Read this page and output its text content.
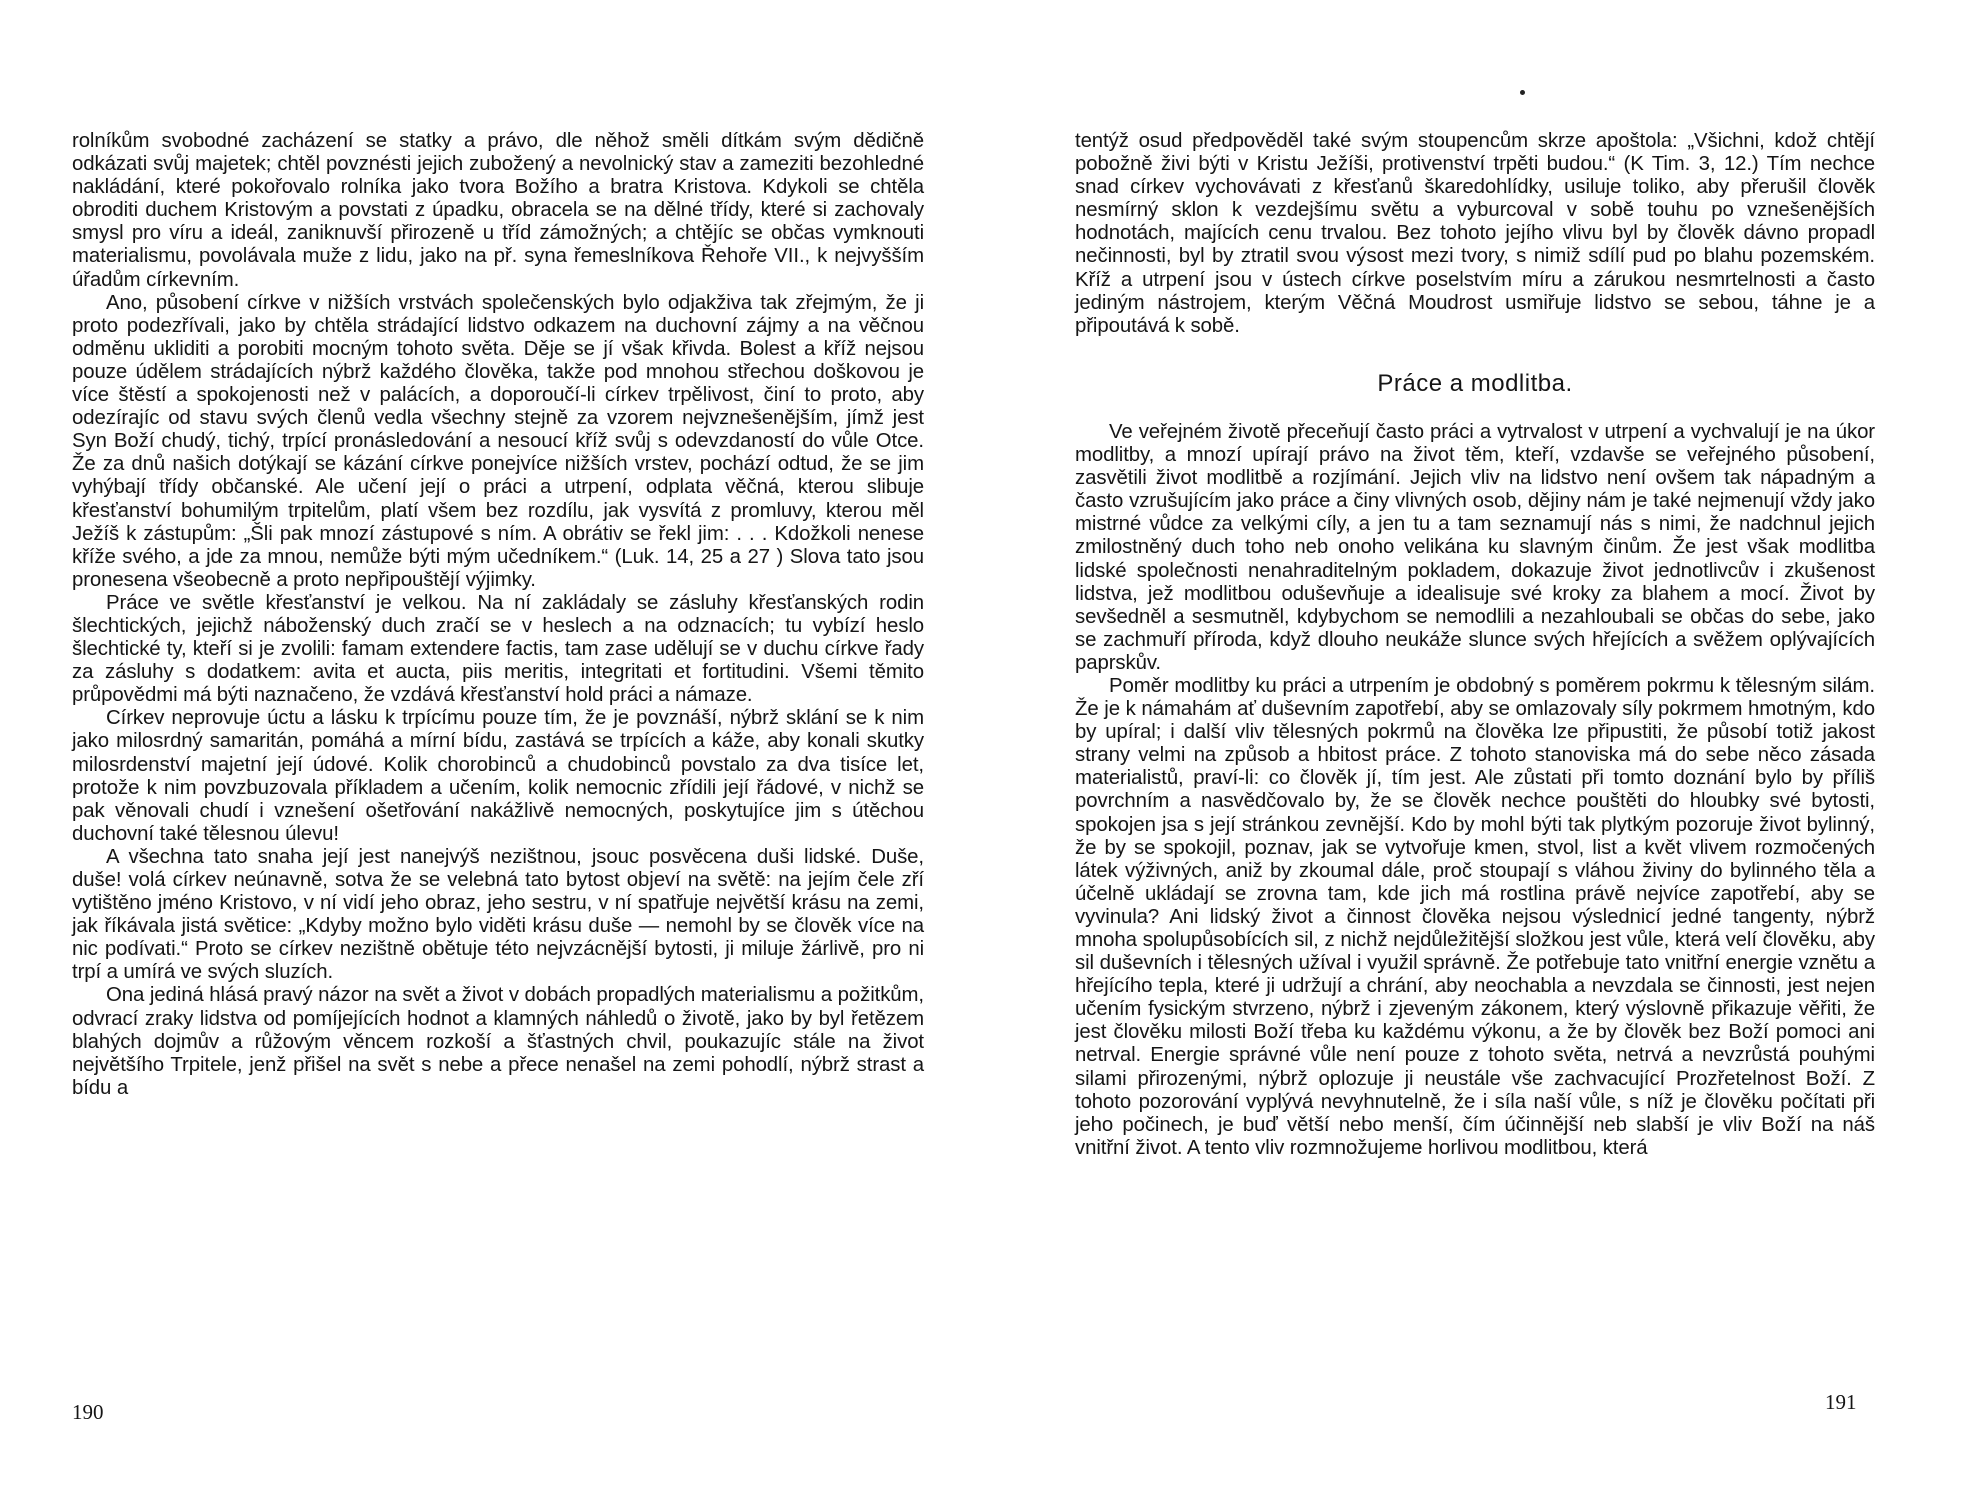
rolníkům svobodné zacházení se statky a právo, dle něhož směli dítkám svým dědičně odkázati svůj majetek; chtěl povznésti jejich zubožený a nevolnický stav a zameziti bezohledné nakládání, které pokořovalo rolníka jako tvora Božího a bratra Kristova. Kdykoli se chtěla obroditi duchem Kristovým a povstati z úpadku, obracela se na dělné třídy, které si zachovaly smysl pro víru a ideál, zaniknuvší přirozeně u tříd zámožných; a chtějíc se občas vymknouti materialismu, povolávala muže z lidu, jako na př. syna řemeslníkova Řehoře VII., k nejvyšším úřadům církevním.

Ano, působení církve v nižších vrstvách společenských bylo odjakživa tak zřejmým, že ji proto podezřívali, jako by chtěla strádající lidstvo odkazem na duchovní zájmy a na věčnou odměnu ukliditi a porobiti mocným tohoto světa. Děje se jí však křivda. Bolest a kříž nejsou pouze údělem strádajících nýbrž každého člověka, takže pod mnohou střechou doškovou je více štěstí a spokojenosti než v palácích, a doporoučí-li církev trpělivost, činí to proto, aby odezírajíc od stavu svých členů vedla všechny stejně za vzorem nejvznešenějším, jímž jest Syn Boží chudý, tichý, trpící pronásledování a nesoucí kříž svůj s odevzdaností do vůle Otce. Že za dnů našich dotýkají se kázání církve ponejvíce nižších vrstev, pochází odtud, že se jim vyhýbají třídy občanské. Ale učení její o práci a utrpení, odplata věčná, kterou slibuje křesťanství bohumilým trpitelům, platí všem bez rozdílu, jak vysvítá z promluvy, kterou měl Ježíš k zástupům: „Šli pak mnozí zástupové s ním. A obrátiv se řekl jim: . . . Kdožkoli nenese kříže svého, a jde za mnou, nemůže býti mým učedníkem.“ (Luk. 14, 25 a 27 ) Slova tato jsou pronesena všeobecně a proto nepřipouštějí výjimky.

Práce ve světle křesťanství je velkou. Na ní zakládaly se zásluhy křesťanských rodin šlechtických, jejichž náboženský duch zračí se v heslech a na odznacích; tu vybízí heslo šlechtické ty, kteří si je zvolili: famam extendere factis, tam zase udělují se v duchu církve řady za zásluhy s dodatkem: avita et aucta, piis meritis, integritati et fortitudini. Všemi těmito průpovědmi má býti naznačeno, že vzdává křesťanství hold práci a námaze.

Církev neprovuje úctu a lásku k trpícímu pouze tím, že je povznáší, nýbrž sklání se k nim jako milosrdný samaritán, pomáhá a mírní bídu, zastává se trpících a káže, aby konali skutky milosrdenství majetní její údové. Kolik chorobinců a chudobinců povstalo za dva tisíce let, protože k nim povzbuzovala příkladem a učením, kolik nemocnic zřídili její řádové, v nichž se pak věnovali chudí i vznešení ošetřování nakážlivě nemocných, poskytujíce jim s útěchou duchovní také tělesnou úlevu!

A všechna tato snaha její jest nanejvýš nezištnou, jsouc posvěcena duši lidské. Duše, duše! volá církev neúnavně, sotva že se velebná tato bytost objeví na světě: na jejím čele zří vytištěno jméno Kristovo, v ní vidí jeho obraz, jeho sestru, v ní spatřuje největší krásu na zemi, jak říkávala jistá světice: „Kdyby možno bylo viděti krásu duše — nemohl by se člověk více na nic podívati.“ Proto se církev nezištně obětuje této nejvzácnější bytosti, ji miluje žárlivě, pro ni trpí a umírá ve svých sluzích.

Ona jediná hlásá pravý názor na svět a život v dobách propadlých materialismu a požitkům, odvrací zraky lidstva od pomíjejících hodnot a klamných náhledů o životě, jako by byl řetězem blahých dojmův a růžovým věncem rozkoší a šťastných chvil, poukazujíc stále na život největšího Trpitele, jenž přišel na svět s nebe a přece nenašel na zemi pohodlí, nýbrž strast a bídu a

190

tentýž osud předpověděl také svým stoupencům skrze apoštola: „Všichni, kdož chtějí pobožně živi býti v Kristu Ježíši, protivenství trpěti budou.“ (K Tim. 3, 12.) Tím nechce snad církev vychovávati z křesťanů škaredohlídky, usiluje toliko, aby přerušil člověk nesmírný sklon k vezdejšímu světu a vyburcoval v sobě touhu po vznešenějších hodnotách, majících cenu trvalou. Bez tohoto jejího vlivu byl by člověk dávno propadl nečinnosti, byl by ztratil svou výsost mezi tvory, s nimiž sdílí pud po blahu pozemském. Kříž a utrpení jsou v ústech církve poselstvím míru a zárukou nesmrtelnosti a často jediným nástrojem, kterým Věčná Moudrost usmiřuje lidstvo se sebou, táhne je a připoutává k sobě.

Práce a modlitba.

Ve veřejném životě přeceňují často práci a vytrvalost v utrpení a vychvalují je na úkor modlitby, a mnozí upírají právo na život těm, kteří, vzdavše se veřejného působení, zasvětili život modlitbě a rozjímání. Jejich vliv na lidstvo není ovšem tak nápadným a často vzrušujícím jako práce a činy vlivných osob, dějiny nám je také nejmenují vždy jako mistrné vůdce za velkými cíly, a jen tu a tam seznamují nás s nimi, že nadchnul jejich zmilostněný duch toho neb onoho velikána ku slavným činům. Že jest však modlitba lidské společnosti nenahraditelným pokladem, dokazuje život jednotlivcův i zkušenost lidstva, jež modlitbou oduševňuje a idealisuje své kroky za blahem a mocí. Život by sevšedněl a sesmutněl, kdybychom se nemodlili a nezahloubali se občas do sebe, jako se zachmuří příroda, když dlouho neukáže slunce svých hřejících a svěžem oplývajících paprskův.

Poměr modlitby ku práci a utrpením je obdobný s poměrem pokrmu k tělesným silám. Že je k námahám ať duševním zapotřebí, aby se omlazovaly síly pokrmem hmotným, kdo by upíral; i další vliv tělesných pokrmů na člověka lze připustiti, že působí totiž jakost strany velmi na způsob a hbitost práce. Z tohoto stanoviska má do sebe něco zásada materialistů, praví-li: co člověk jí, tím jest. Ale zůstati při tomto doznání bylo by příliš povrchním a nasvědčovalo by, že se člověk nechce pouštěti do hloubky své bytosti, spokojen jsa s její stránkou zevnější. Kdo by mohl býti tak plytkým pozoruje život bylinný, že by se spokojil, poznav, jak se vytvořuje kmen, stvol, list a květ vlivem rozmočených látek výživných, aniž by zkoumal dále, proč stoupají s vláhou živiny do bylinného těla a účelně ukládají se zrovna tam, kde jich má rostlina právě nejvíce zapotřebí, aby se vyvinula? Ani lidský život a činnost člověka nejsou výslednicí jedné tangenty, nýbrž mnoha spolupůsobících sil, z nichž nejdůležitější složkou jest vůle, která velí člověku, aby sil duševních i tělesných užíval i využil správně. Že potřebuje tato vnitřní energie vznětu a hřejícího tepla, které ji udržují a chrání, aby neochabla a nevzdala se činnosti, jest nejen učením fysickým stvrzeno, nýbrž i zjeveným zákonem, který výslovně přikazuje věřiti, že jest člověku milosti Boží třeba ku každému výkonu, a že by člověk bez Boží pomoci ani netrval. Energie správné vůle není pouze z tohoto světa, netrvá a nevzrůstá pouhými silami přirozenými, nýbrž oplozuje ji neustále vše zachvacující Prozřetelnost Boží. Z tohoto pozorování vyplývá nevyhnutelně, že i síla naší vůle, s níž je člověku počítati při jeho počinech, je buď větší nebo menší, čím účinnější neb slabší je vliv Boží na náš vnitřní život. A tento vliv rozmnožujeme horlivou modlitbou, která

191
